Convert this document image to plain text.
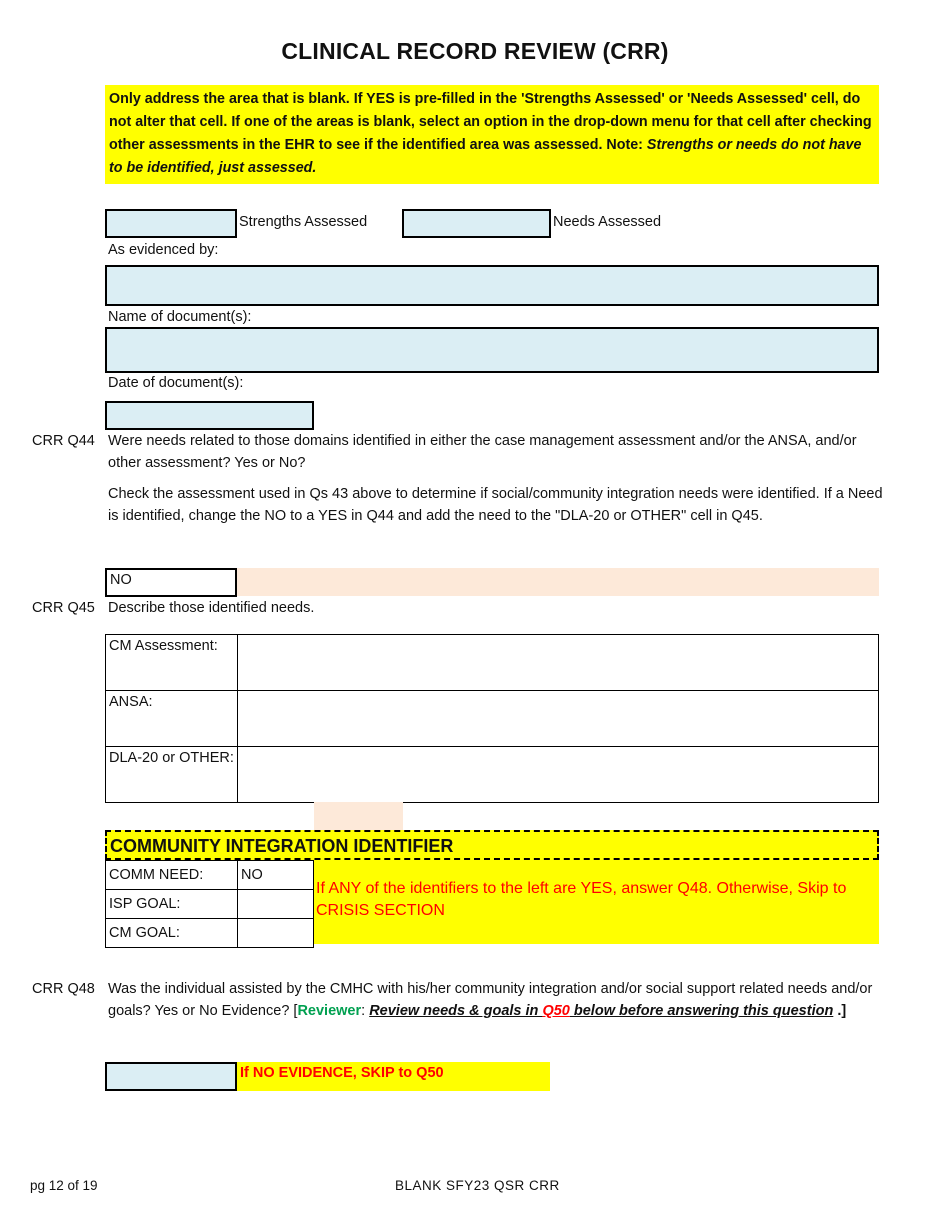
CLINICAL RECORD REVIEW (CRR)
Only address the area that is blank. If YES is pre-filled in the 'Strengths Assessed' or 'Needs Assessed' cell, do not alter that cell. If one of the areas is blank, select an option in the drop-down menu for that cell after checking other assessments in the EHR to see if the identified area was assessed. Note: Strengths or needs do not have to be identified, just assessed.
Strengths Assessed	Needs Assessed
As evidenced by:
Name of document(s):
Date of document(s):
CRR Q44 Were needs related to those domains identified in either the case management assessment and/or the ANSA, and/or other assessment? Yes or No?
Check the assessment used in Qs 43 above to determine if social/community integration needs were identified. If a Need is identified, change the NO to a YES in Q44 and add the need to the "DLA-20 or OTHER" cell in Q45.
NO
CRR Q45 Describe those identified needs.
CM Assessment:	
ANSA:	
DLA-20 or OTHER:	
COMMUNITY INTEGRATION IDENTIFIER
COMM NEED:	NO
ISP GOAL:	
CM GOAL:	
If ANY of the identifiers to the left are YES, answer Q48. Otherwise, Skip to CRISIS SECTION
CRR Q48 Was the individual assisted by the CMHC with his/her community integration and/or social support related needs and/or goals? Yes or No Evidence? [Reviewer: Review needs & goals in Q50 below before answering this question .]
If NO EVIDENCE, SKIP to Q50
pg 12 of 19	BLANK SFY23 QSR CRR
